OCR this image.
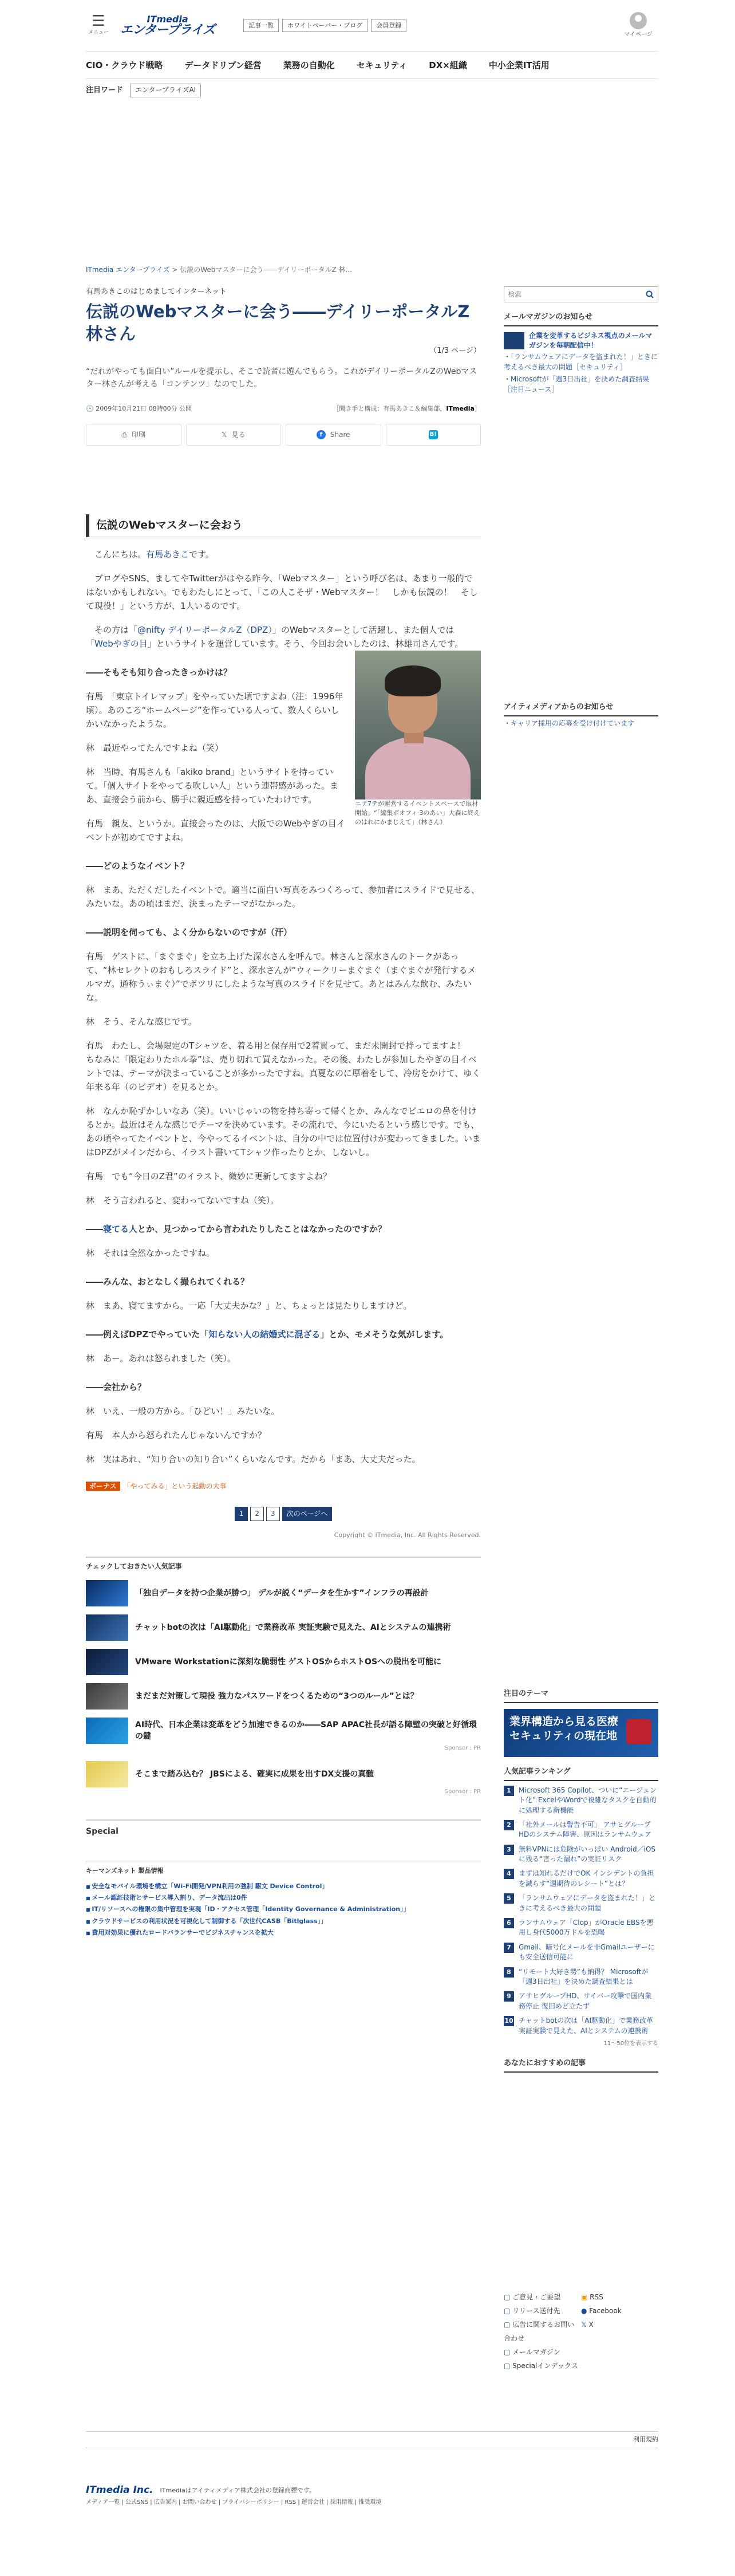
☰
メニュー
ITmedia
エンタープライズ	記事一覧	ホワイトペーパー・ブログ	会員登録
マイページ
CIO・クラウド戦略	データドリブン経営	業務の自動化	セキュリティ	DX×組織	中小企業IT活用
注目ワード	エンタープライズAI
ITmedia エンタープライズ > 伝説のWebマスターに会う――デイリーポータルZ 林...
有馬あきこのはじめましてインターネット
伝説のWebマスターに会う――デイリーポータルZ 林さん
（1/3 ページ）
“だれがやっても面白い”ルールを提示し、そこで読者に遊んでもらう。これがデイリーポータルZのWebマスター林さんが考える「コンテンツ」なのでした。
🕓 2009年10月21日 08時00分 公開	［聞き手と構成：有馬あきこ＆編集部，ITmedia］
⎙ 印刷	𝕏 見る	f	Share	B!
伝説のWebマスターに会おう

こんにちは。有馬あきこです。

ブログやSNS、ましてやTwitterがはやる昨今、「Webマスター」という呼び名は、あまり一般的ではないかもしれない。でもわたしにとって、「この人こそザ・Webマスター！　しかも伝説の！　そして現役！」という方が、1人いるのです。

その方は「@nifty デイリーポータルZ（DPZ）」のWebマスターとして活躍し、また個人では「Webやぎの目」というサイトを運営しています。そう、今回お会いしたのは、林雄司さんです。

ニア7テが運営するイベントスペースで取材開始。“「編集ボオフィ·3のあい」大森に終えのはれにかまじえて」（林さん）
――そもそも知り合ったきっかけは？

有馬　「東京トイレマップ」をやっていた頃ですよね（注：1996年頃）。あのころ“ホームページ”を作っている人って、数人くらいしかいなかったような。

林　最近やってたんですよね（笑）

林　当時、有馬さんも「akiko brand」というサイトを持っていて。「個人サイトをやってる吹しい人」という連帯感があった。まあ、直接会う前から、勝手に親近感を持っていたわけです。

有馬　親友、というか。直接会ったのは、大阪でのWebやぎの目イベントが初めてですよね。

――どのようなイベント？

林　まあ、ただくだしたイベントで。適当に面白い写真をみつくろって、参加者にスライドで見せる、みたいな。あの頃はまだ、決まったテーマがなかった。

――説明を伺っても、よく分からないのですが（汗）

有馬　ゲストに、「まぐまぐ」を立ち上げた深水さんを呼んで。林さんと深水さんのトークがあって、“林セレクトのおもしろスライド”と、深水さんが“ウィークリーまぐまぐ（まぐまぐが発行するメルマガ。通称うぃまぐ）”でポツリにしたような写真のスライドを見せて。あとはみんな飲む、みたいな。

林　そう、そんな感じです。

有馬　わたし、会場限定のTシャツを、着る用と保存用で2着買って、まだ未開封で持ってますよ！　ちなみに「限定わりたホル拳”は、売り切れて買えなかった。その後、わたしが参加したやぎの目イベントでは、テーマが決まっていることが多かったですね。真夏なのに厚着をして、冷房をかけて、ゆく年来る年（のビデオ）を見るとか。

林　なんか恥ずかしいなあ（笑）。いいじゃいの物を持ち寄って帰くとか、みんなでビエロの鼻を付けるとか。最近はそんな感じでテーマを決めています。その流れで、今にいたるという感じです。でも、あの頃やってたイベントと、今やってるイベントは、自分の中では位置付けが変わってきました。いまはDPZがメインだから、イラスト書いてTシャツ作ったりとか、しないし。

有馬　でも“今日のZ君”のイラスト、微妙に更新してますよね？

林　そう言われると、変わってないですね（笑）。

――寝てる人とか、見つかってから言われたりしたことはなかったのですか？

林　それは全然なかったですね。

――みんな、おとなしく撮られてくれる？

林　まあ、寝てますから。一応「大丈夫かな？」と、ちょっとは見たりしますけど。

――例えばDPZでやっていた「知らない人の結婚式に混ざる」とか、モメそうな気がします。

林　あー。あれは怒られました（笑）。

――会社から？

林　いえ、一般の方から。「ひどい！」みたいな。

有馬　本人から怒られたんじゃないんですか？

林　実はあれ、“知り合いの知り合い”くらいなんです。だから「まあ、大丈夫だった。

ボーナス 「やってみる」という起動の大事
1	2	3	次のページへ
Copyright © ITmedia, Inc. All Rights Reserved.
チェックしておきたい人気記事
「独自データを持つ企業が勝つ」 デルが説く“データを生かす”インフラの再設計
チャットbotの次は「AI駆動化」で業務改革 実証実験で見えた、AIとシステムの連携術
VMware Workstationに深刻な脆弱性 ゲストOSからホストOSへの脱出を可能に
まだまだ対策して現役 強力なパスワードをつくるための“3つのルール”とは？
AI時代、日本企業は変革をどう加速できるのか――SAP APAC社長が語る障壁の突破と好循環の鍵
Sponsor : PR
そこまで踏み込む？ JBSによる、確実に成果を出すDX支援の真髄
Sponsor : PR
Special
キーマンズネット 製品情報
■ 安全なモバイル環境を構立「Wi-Fi開発/VPN利用の強制 駆文 Device Control」
■ メール認証技術とサービス導入割り、データ流出は0件
■ IT/リソースへの権限の集中管理を実現「ID・アクセス管理「Identity Governance & Administration」」
■ クラウドサービスの利用状況を可視化して制御する「次世代CASB「Bitlglass」」
■ 費用対効果に優れたロードバランサーでビジネスチャンスを拡大
検索
メールマガジンのお知らせ
企業を変革するビジネス視点のメールマガジンを毎朝配信中！
・ 「ランサムウェアにデータを盗まれた！」ときに考えるべき最大の問題［セキュリティ］
・ Microsoftが「週3日出社」を決めた調査結果［注目ニュース］
アイティメディアからのお知らせ
・ キャリア採用の応募を受け付けています
注目のテーマ
業界構造から見る医療セキュリティの現在地
人気記事ランキング
1	Microsoft 365 Copilot、ついに“エージェント化” ExcelやWordで複雑なタスクを自動的に処理する新機能
2	「社外メールは警告不可」 アサヒグループHDのシステム障害、原因はランサムウェア
3	無料VPNには危険がいっぱい Android／iOSに残る“言った漏れ”の実証リスク
4	まずは知れるだけでOK インシデントの負担を減らす“週期待のレシート”とは？
5	「ランサムウェアにデータを盗まれた！」ときに考えるべき最大の問題
6	ランサムウェア「Clop」がOracle EBSを悪用し身代5000万ドルを恐喝
7	Gmail、暗号化メールを非Gmailユーザーにも安全送信可能に
8	“リモート大好き勢”も納得？ Microsoftが「週3日出社」を決めた調査結果とは
9	アサヒグループHD、サイバー攻撃で国内業務停止 復旧めど立たず
10 チャットbotの次は「AI駆動化」で業務改革 実証実験で見えた、AIとシステムの連携術
11〜50位を表示する
あなたにおすすめの記事
▢ ご意見・ご要望	▣ RSS
▢ リリース送付先	● Facebook
▢ 広告に関するお問い合わせ
𝕏 X
▢ メールマガジン
▢ Specialインデックス
利用規約
ITmedia Inc. ITmediaはアイティメディア株式会社の登録商標です。
メディア一覧 | 公式SNS | 広告案内 | お問い合わせ | プライバシーポリシー | RSS | 運営会社 | 採用情報 | 推奨環境
